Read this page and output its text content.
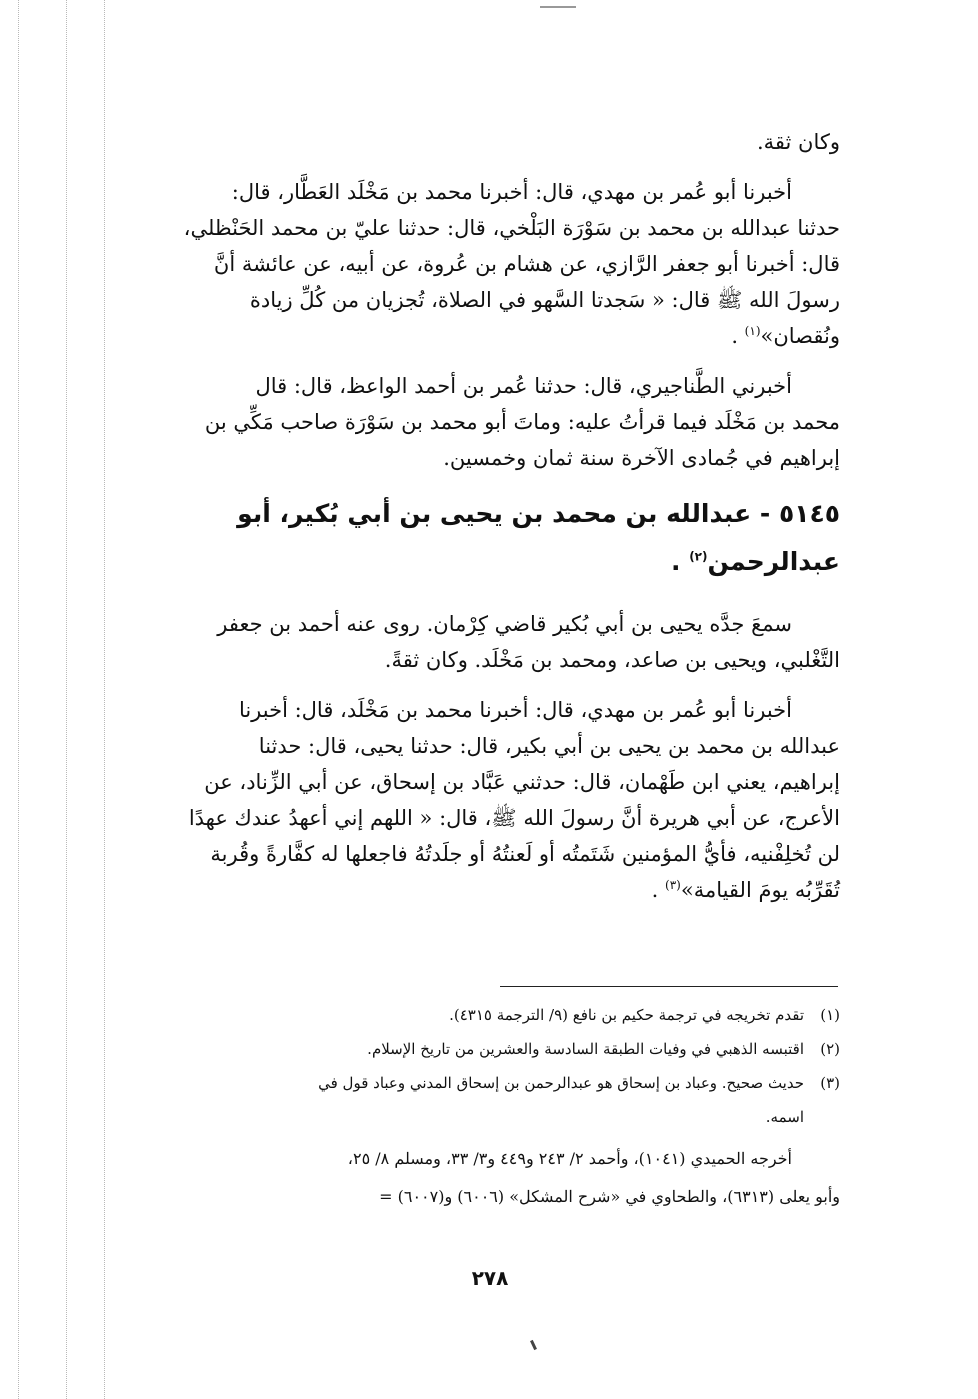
وكان ثقة.

أخبرنا أبو عُمر بن مهدي، قال: أخبرنا محمد بن مَخْلَد العَطَّار، قال:

حدثنا عبدالله بن محمد بن سَوْرَة البَلْخي، قال: حدثنا عليّ بن محمد الحَنْظلي،

قال: أخبرنا أبو جعفر الرَّازي، عن هشام بن عُروة، عن أبيه، عن عائشة أنَّ

رسولَ الله ﷺ قال: « سَجدتا السَّهو في الصلاة، تُجزيان من كُلِّ زيادة

ونُقصان»$^{(١)}$ .

أخبرني الطَّناجيري، قال: حدثنا عُمر بن أحمد الواعظ، قال: قال

محمد بن مَخْلَد فيما قرأتُ عليه: وماتَ أبو محمد بن سَوْرَة صاحب مَكِّي بن

إبراهيم في جُمادى الآخرة سنة ثمان وخمسين.

٥١٤٥ - عبدالله بن محمد بن يحيى بن أبي بُكير، أبو
عبدالرحمن$^{(٢)}$ .

سمعَ جدَّه يحيى بن أبي بُكير قاضي كِرْمان. روى عنه أحمد بن جعفر

التَّغْلبي، ويحيى بن صاعد، ومحمد بن مَخْلَد. وكان ثقةً.

أخبرنا أبو عُمر بن مهدي، قال: أخبرنا محمد بن مَخْلَد، قال: أخبرنا

عبدالله بن محمد بن يحيى بن أبي بكير، قال: حدثنا يحيى، قال: حدثنا

إبراهيم، يعني ابن طَهْمان، قال: حدثني عَبَّاد بن إسحاق، عن أبي الزِّناد، عن

الأعرج، عن أبي هريرة أنَّ رسولَ الله ﷺ، قال: « اللهم إني أعهدُ عندك عهدًا

لن تُخلِفْنيه، فأيُّ المؤمنين شَتَمتُه أو لَعنتُهُ أو جلَدتُهُ فاجعلها له كفَّارةً وقُربة

تُقَرِّبُه يومَ القيامة»$^{(٣)}$ .

(١)
تقدم تخريجه في ترجمة حكيم بن نافع (٩/ الترجمة ٤٣١٥).
(٢)
اقتبسه الذهبي في وفيات الطبقة السادسة والعشرين من تاريخ الإسلام.
(٣)
حديث صحيح. وعباد بن إسحاق هو عبدالرحمن بن إسحاق المدني وعباد قول في
اسمه.
أخرجه الحميدي (١٠٤١)، وأحمد ٢/ ٢٤٣ و٤٤٩ و٣/ ٣٣، ومسلم ٨/ ٢٥،
وأبو يعلى (٦٣١٣)، والطحاوي في «شرح المشكل» (٦٠٠٦) و(٦٠٠٧) =
٢٧٨
